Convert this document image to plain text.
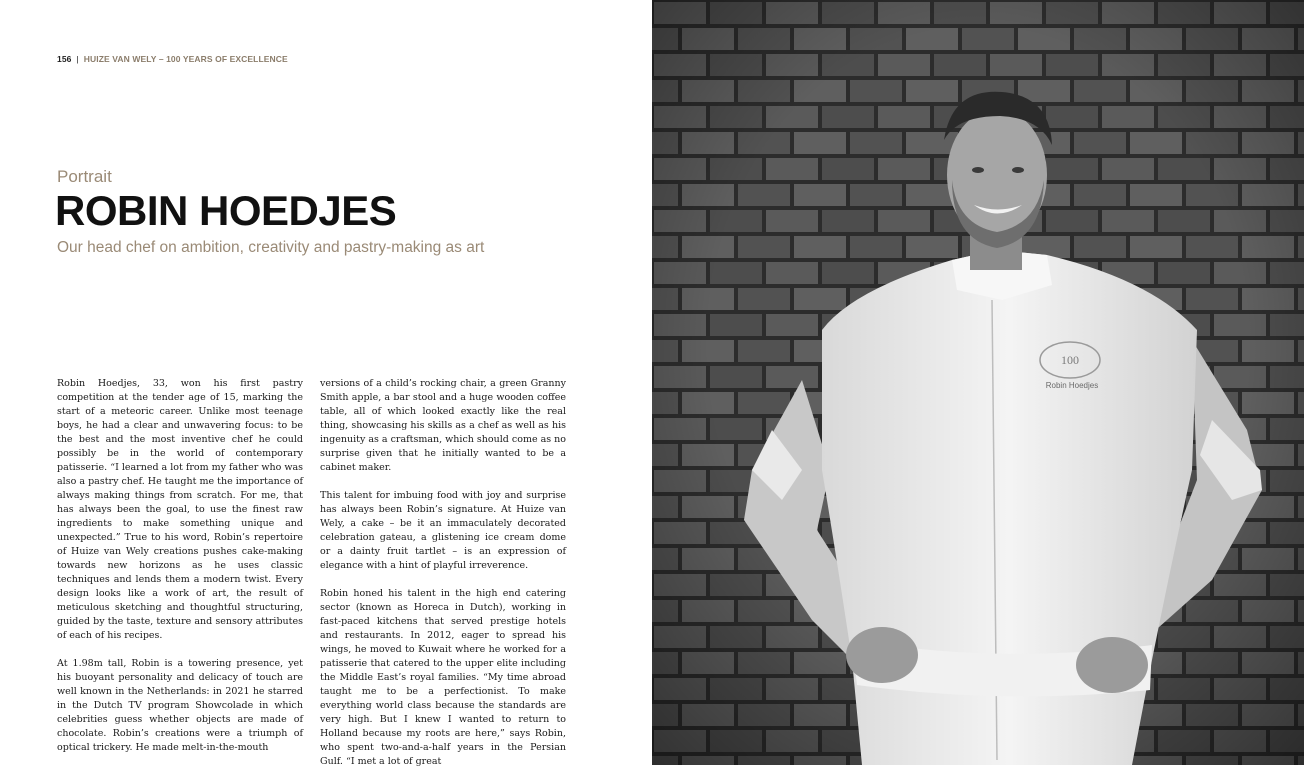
156 | HUIZE VAN WELY – 100 YEARS OF EXCELLENCE
Portrait
ROBIN HOEDJES
Our head chef on ambition, creativity and pastry-making as art

Robin Hoedjes, 33, won his first pastry competition at the tender age of 15, marking the start of a meteoric career. Unlike most teenage boys, he had a clear and unwavering focus: to be the best and the most inventive chef he could possibly be in the world of contemporary patisserie. “I learned a lot from my father who was also a pastry chef. He taught me the importance of always making things from scratch. For me, that has always been the goal, to use the finest raw ingredients to make something unique and unexpected.” True to his word, Robin’s repertoire of Huize van Wely creations pushes cake-making towards new horizons as he uses classic techniques and lends them a modern twist. Every design looks like a work of art, the result of meticulous sketching and thoughtful structuring, guided by the taste, texture and sensory attributes of each of his recipes.

At 1.98m tall, Robin is a towering presence, yet his buoyant personality and delicacy of touch are well known in the Netherlands: in 2021 he starred in the Dutch TV program Showcolade in which celebrities guess whether objects are made of chocolate. Robin’s creations were a triumph of optical trickery. He made melt-in-the-mouth

versions of a child’s rocking chair, a green Granny Smith apple, a bar stool and a huge wooden coffee table, all of which looked exactly like the real thing, showcasing his skills as a chef as well as his ingenuity as a craftsman, which should come as no surprise given that he initially wanted to be a cabinet maker.

This talent for imbuing food with joy and surprise has always been Robin’s signature. At Huize van Wely, a cake – be it an immaculately decorated celebration gateau, a glistening ice cream dome or a dainty fruit tartlet – is an expression of elegance with a hint of playful irreverence.

Robin honed his talent in the high end catering sector (known as Horeca in Dutch), working in fast-paced kitchens that served prestige hotels and restaurants. In 2012, eager to spread his wings, he moved to Kuwait where he worked for a patisserie that catered to the upper elite including the Middle East’s royal families. “My time abroad taught me to be a perfectionist. To make everything world class because the standards are very high. But I knew I wanted to return to Holland because my roots are here,” says Robin, who spent two-and-a-half years in the Persian Gulf. “I met a lot of great

100
Robin Hoedjes
